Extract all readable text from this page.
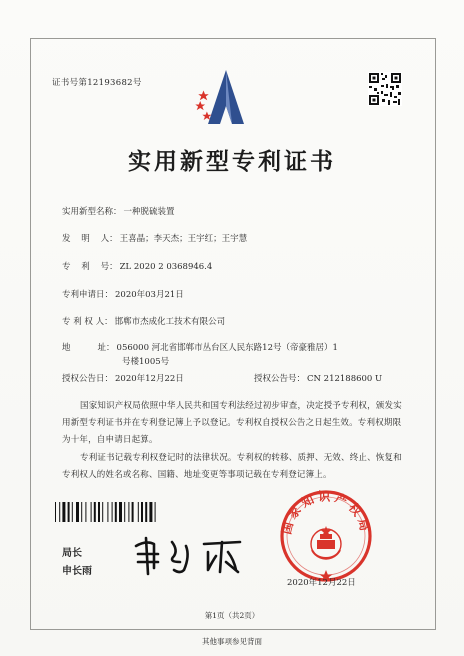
证书号第12193682号
实用新型专利证书
实用新型名称： 一种脱硫装置
发    明    人： 王喜晶；李天杰；王宇红；王宇慧
专    利    号： ZL 2020 2 0368946.4
专利申请日： 2020年03月21日
专 利 权 人： 邯郸市杰成化工技术有限公司
地          址： 056000 河北省邯郸市丛台区人民东路12号（帝豪雅居）1
号楼1005号
授权公告日： 2020年12月22日	授权公告号： CN 212188600 U
国家知识产权局依照中华人民共和国专利法经过初步审查，决定授予专利权，颁发实用新型专利证书并在专利登记簿上予以登记。专利权自授权公告之日起生效。专利权期限为十年，自申请日起算。
专利证书记载专利权登记时的法律状况。专利权的转移、质押、无效、终止、恢复和专利权人的姓名或名称、国籍、地址变更等事项记载在专利登记簿上。
局长
申长雨
国家知识产权局
2020年12月22日
第1页（共2页）
其他事项参见背面
